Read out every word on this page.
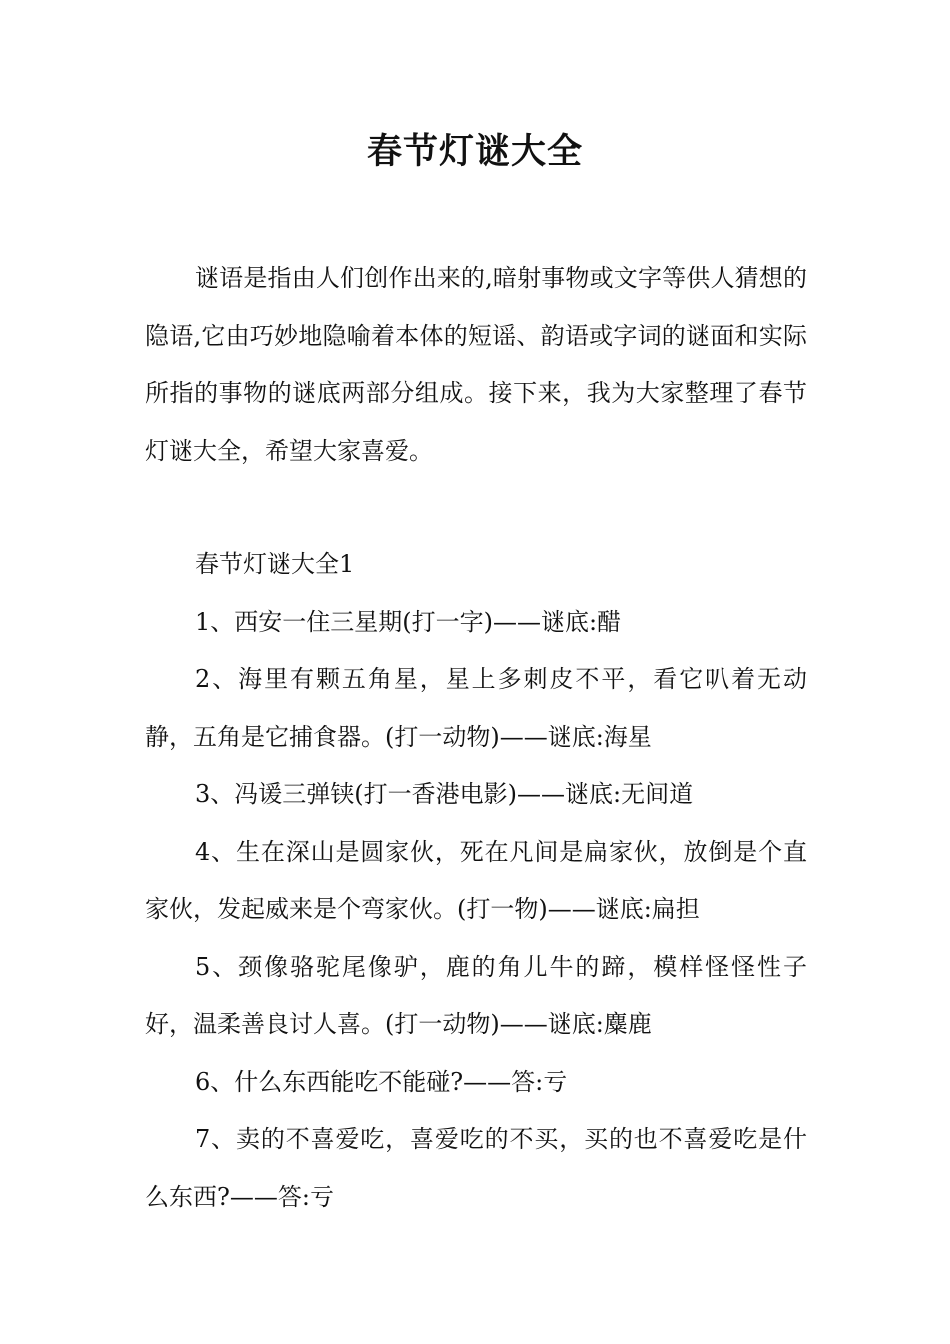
春节灯谜大全

谜语是指由人们创作出来的,暗射事物或文字等供人猜想的隐语,它由巧妙地隐喻着本体的短谣、韵语或字词的谜面和实际所指的事物的谜底两部分组成。接下来，我为大家整理了春节灯谜大全，希望大家喜爱。

春节灯谜大全1

1、西安一住三星期(打一字)——谜底:醋

2、海里有颗五角星，星上多刺皮不平，看它叭着无动静，五角是它捕食器。(打一动物)——谜底:海星

3、冯谖三弹铗(打一香港电影)——谜底:无间道

4、生在深山是圆家伙，死在凡间是扁家伙，放倒是个直家伙，发起威来是个弯家伙。(打一物)——谜底:扁担

5、颈像骆驼尾像驴，鹿的角儿牛的蹄，模样怪怪性子好，温柔善良讨人喜。(打一动物)——谜底:麋鹿

6、什么东西能吃不能碰?——答:亏

7、卖的不喜爱吃，喜爱吃的不买，买的也不喜爱吃是什么东西?——答:亏
